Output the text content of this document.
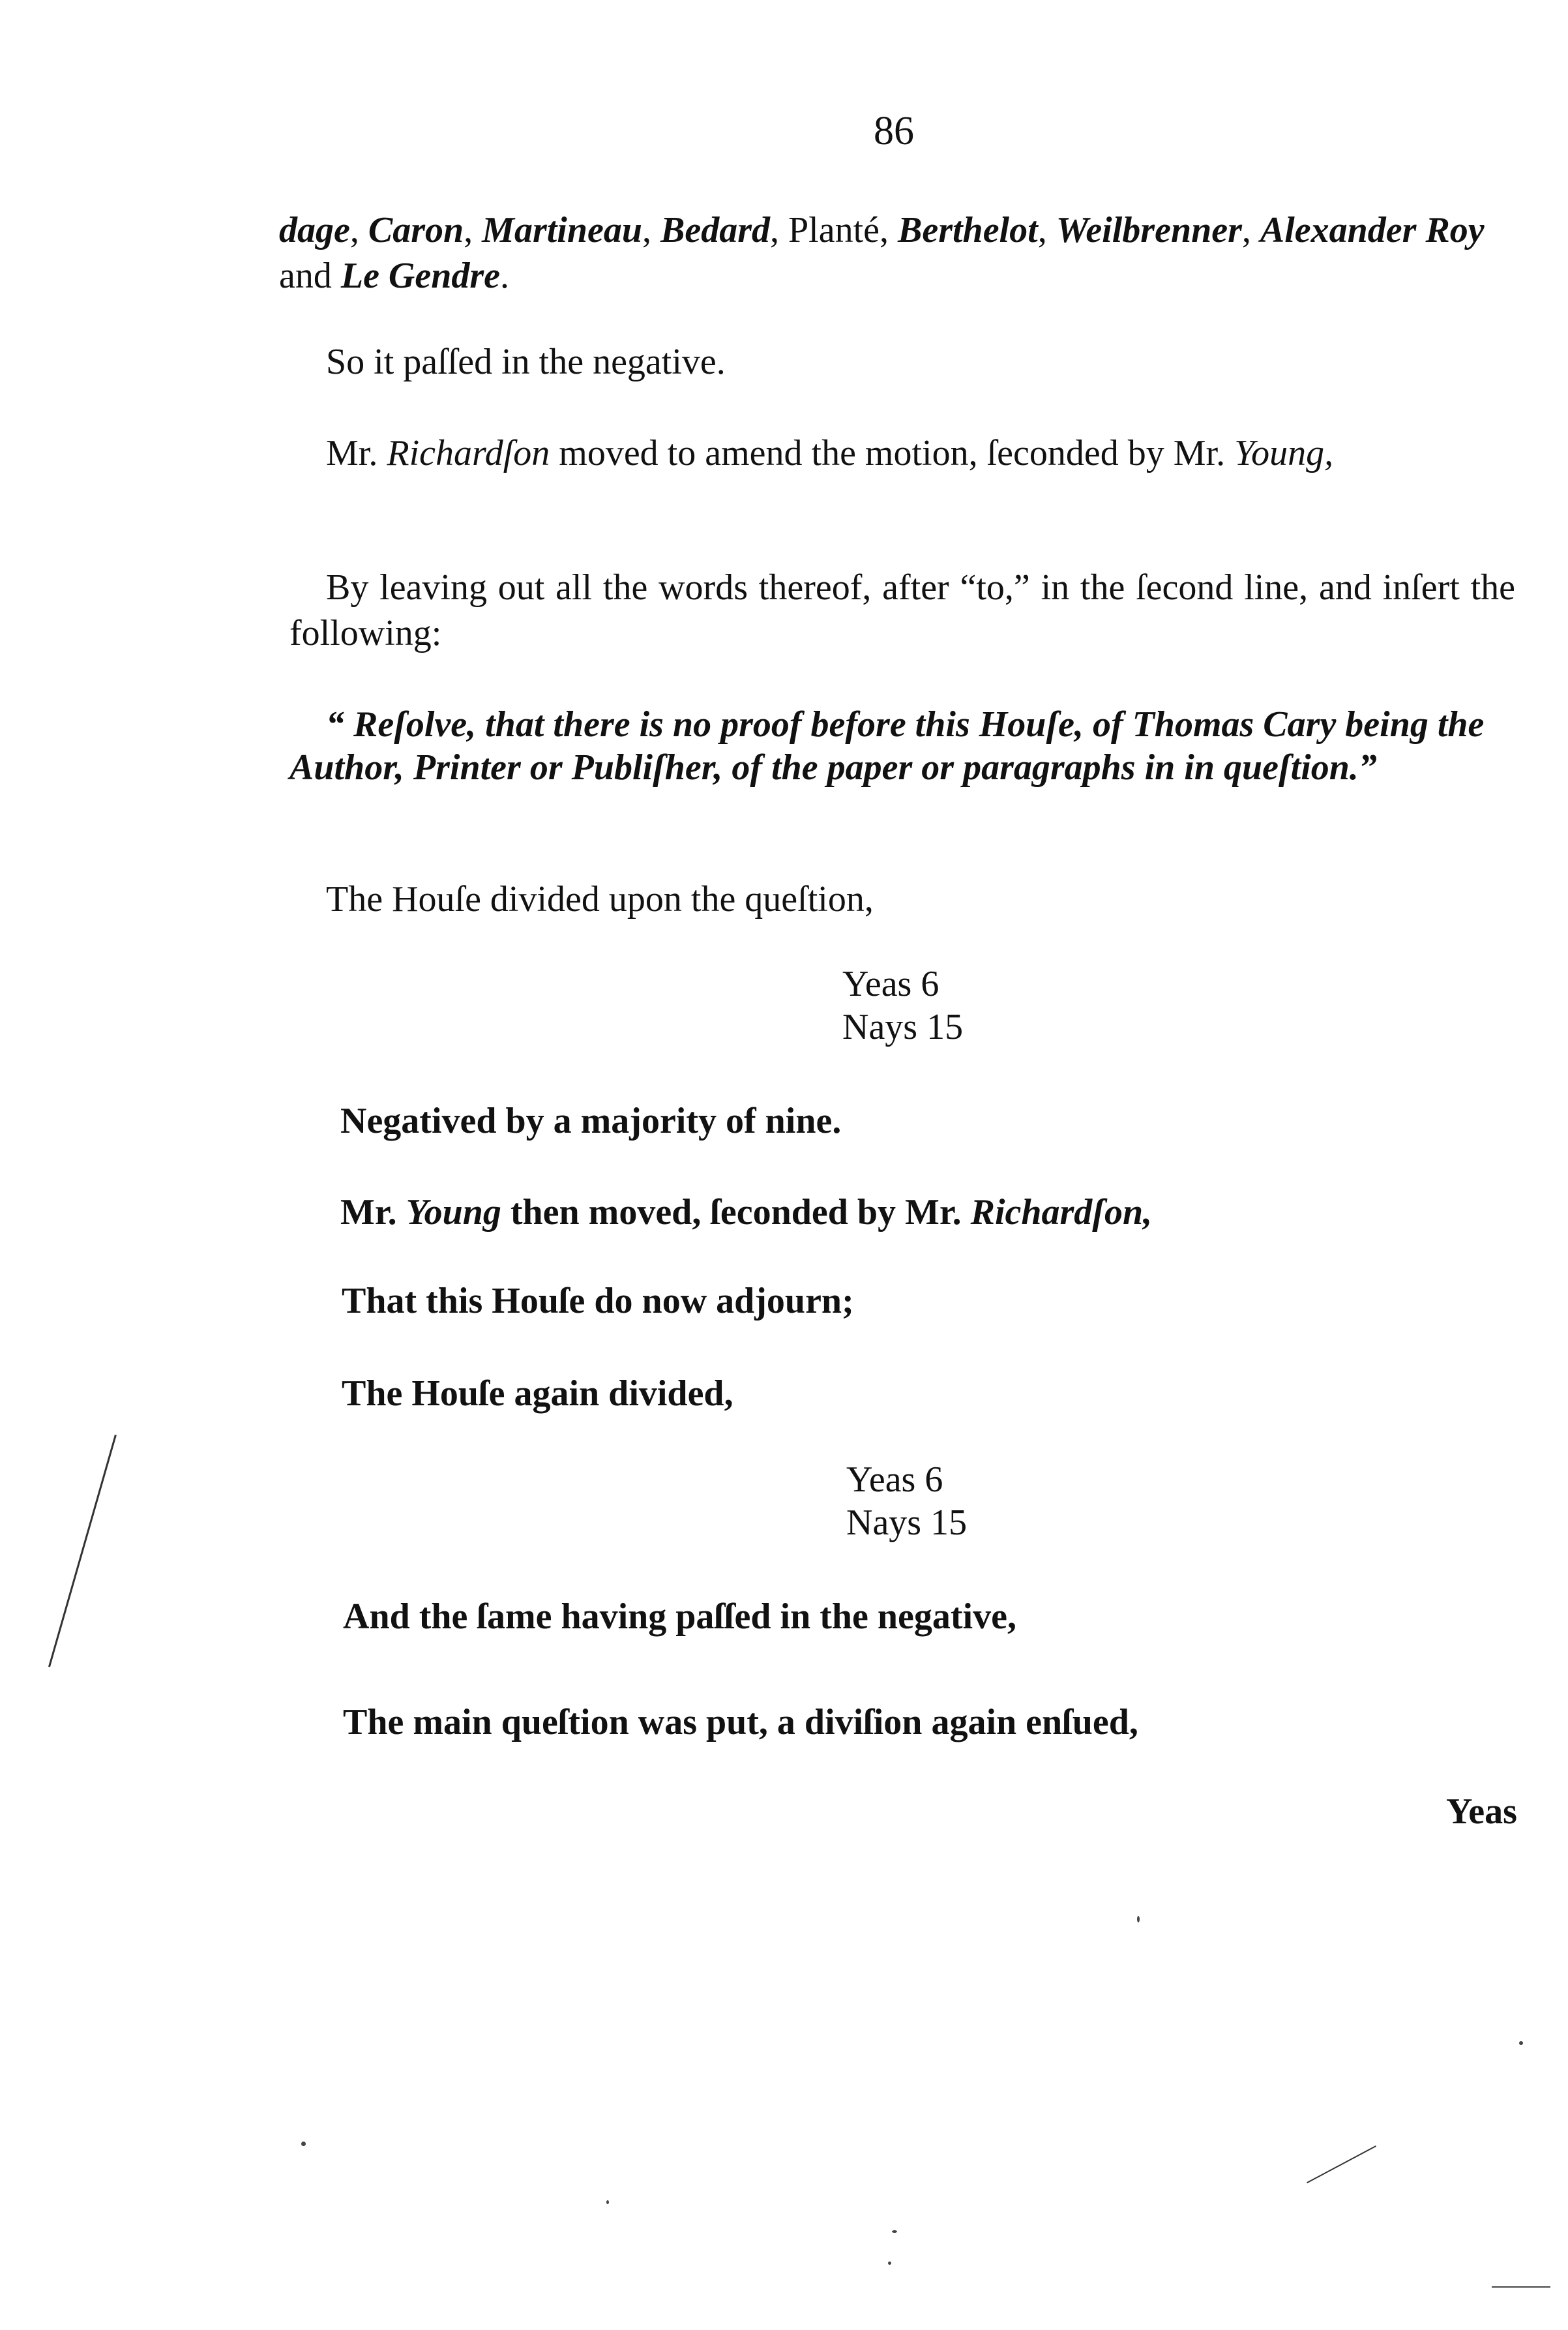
86
dage, Caron, Martineau, Bedard, Planté, Berthelot, Weilbrenner, Alexander Roy and Le Gendre.
So it paſſed in the negative.
Mr. Richardſon moved to amend the motion, ſeconded by Mr. Young,
By leaving out all the words thereof, after “to,” in the ſecond line, and inſert the following:
“ Reſolve, that there is no proof before this Houſe, of Thomas Cary being the Author, Printer or Publiſher, of the paper or paragraphs in in queſtion.”
The Houſe divided upon the queſtion,
Yeas 6
Nays 15
Negatived by a majority of nine.
Mr. Young then moved, ſeconded by Mr. Richardſon,
That this Houſe do now adjourn;
The Houſe again divided,
Yeas 6
Nays 15
And the ſame having paſſed in the negative,
The main queſtion was put, a diviſion again enſued,
Yeas
